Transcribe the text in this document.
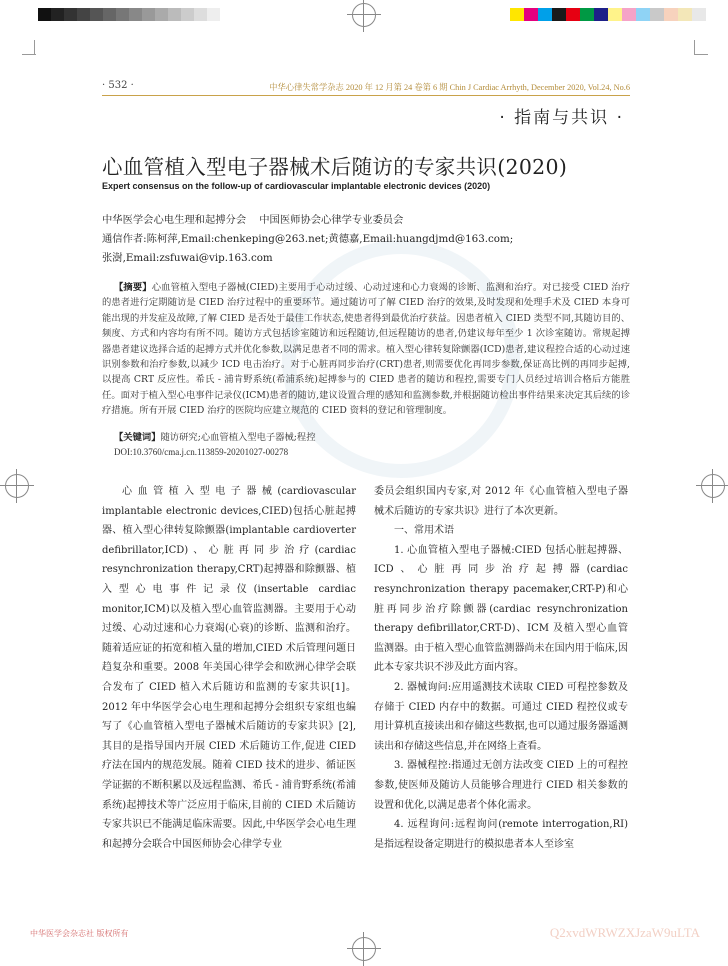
· 532 ·	中华心律失常学杂志 2020 年 12 月第 24 卷第 6 期 Chin J Cardiac Arrhyth, December 2020, Vol.24, No.6
· 指南与共识 ·
心血管植入型电子器械术后随访的专家共识(2020)
Expert consensus on the follow-up of cardiovascular implantable electronic devices (2020)
中华医学会心电生理和起搏分会    中国医师协会心律学专业委员会
通信作者:陈柯萍,Email:chenkeping@263.net;黄德嘉,Email:huangdjmd@163.com;
张澍,Email:zsfuwai@vip.163.com
【摘要】心血管植入型电子器械(CIED)主要用于心动过缓、心动过速和心力衰竭的诊断、监测和治疗。对已接受 CIED 治疗的患者进行定期随访是 CIED 治疗过程中的重要环节。通过随访可了解 CIED 治疗的效果,及时发现和处理手术及 CIED 本身可能出现的并发症及故障,了解 CIED 是否处于最佳工作状态,使患者得到最优治疗获益。因患者植入 CIED 类型不同,其随访目的、频度、方式和内容均有所不同。随访方式包括诊室随访和远程随访,但远程随访的患者,仍建议每年至少 1 次诊室随访。常规起搏器患者建议选择合适的起搏方式并优化参数,以满足患者不同的需求。植入型心律转复除颤器(ICD)患者,建议程控合适的心动过速识别参数和治疗参数,以减少 ICD 电击治疗。对于心脏再同步治疗(CRT)患者,则需要优化再同步参数,保证高比例的再同步起搏,以提高 CRT 反应性。希氏 - 浦肯野系统(希浦系统)起搏参与的 CIED 患者的随访和程控,需要专门人员经过培训合格后方能胜任。面对于植入型心电事件记录仪(ICM)患者的随访,建议设置合理的感知和监测参数,并根据随访检出事件结果来决定其后续的诊疗措施。所有开展 CIED 治疗的医院均应建立规范的 CIED 资料的登记和管理制度。
【关键词】随访研究;心血管植入型电子器械;程控
DOI:10.3760/cma.j.cn.113859-20201027-00278

心血管植入型电子器械(cardiovascular implantable electronic devices,CIED)包括心脏起搏器、植入型心律转复除颤器(implantable cardioverter defibrillator,ICD)、心脏再同步治疗(cardiac resynchronization therapy,CRT)起搏器和除颤器、植入型心电事件记录仪(insertable cardiac monitor,ICM)以及植入型心血管监测器。主要用于心动过缓、心动过速和心力衰竭(心衰)的诊断、监测和治疗。随着适应证的拓宽和植入量的增加,CIED 术后管理问题日趋复杂和重要。2008 年美国心律学会和欧洲心律学会联合发布了 CIED 植入术后随访和监测的专家共识[1]。2012 年中华医学会心电生理和起搏分会组织专家组也编写了《心血管植入型电子器械术后随访的专家共识》[2],其目的是指导国内开展 CIED 术后随访工作,促进 CIED 疗法在国内的规范发展。随着 CIED 技术的进步、循证医学证据的不断积累以及远程监测、希氏 - 浦肯野系统(希浦系统)起搏技术等广泛应用于临床,目前的 CIED 术后随访专家共识已不能满足临床需要。因此,中华医学会心电生理和起搏分会联合中国医师协会心律学专业

委员会组织国内专家,对 2012 年《心血管植入型电子器械术后随访的专家共识》进行了本次更新。

一、常用术语

1. 心血管植入型电子器械:CIED 包括心脏起搏器、ICD、心脏再同步治疗起搏器(cardiac resynchronization therapy pacemaker,CRT-P)和心脏再同步治疗除颤器(cardiac resynchronization therapy defibrillator,CRT-D)、ICM 及植入型心血管监测器。由于植入型心血管监测器尚未在国内用于临床,因此本专家共识不涉及此方面内容。

2. 器械询问:应用遥测技术读取 CIED 可程控参数及存储于 CIED 内存中的数据。可通过 CIED 程控仪或专用计算机直接读出和存储这些数据,也可以通过服务器遥测读出和存储这些信息,并在网络上查看。

3. 器械程控:指通过无创方法改变 CIED 上的可程控参数,使医师及随访人员能够合理进行 CIED 相关参数的设置和优化,以满足患者个体化需求。

4. 远程询问:远程询问(remote interrogation,RI)是指远程设备定期进行的模拟患者本人至诊室

中华医学会杂志社 版权所有	Q2xvdWRWZXJzaW9uLTA
